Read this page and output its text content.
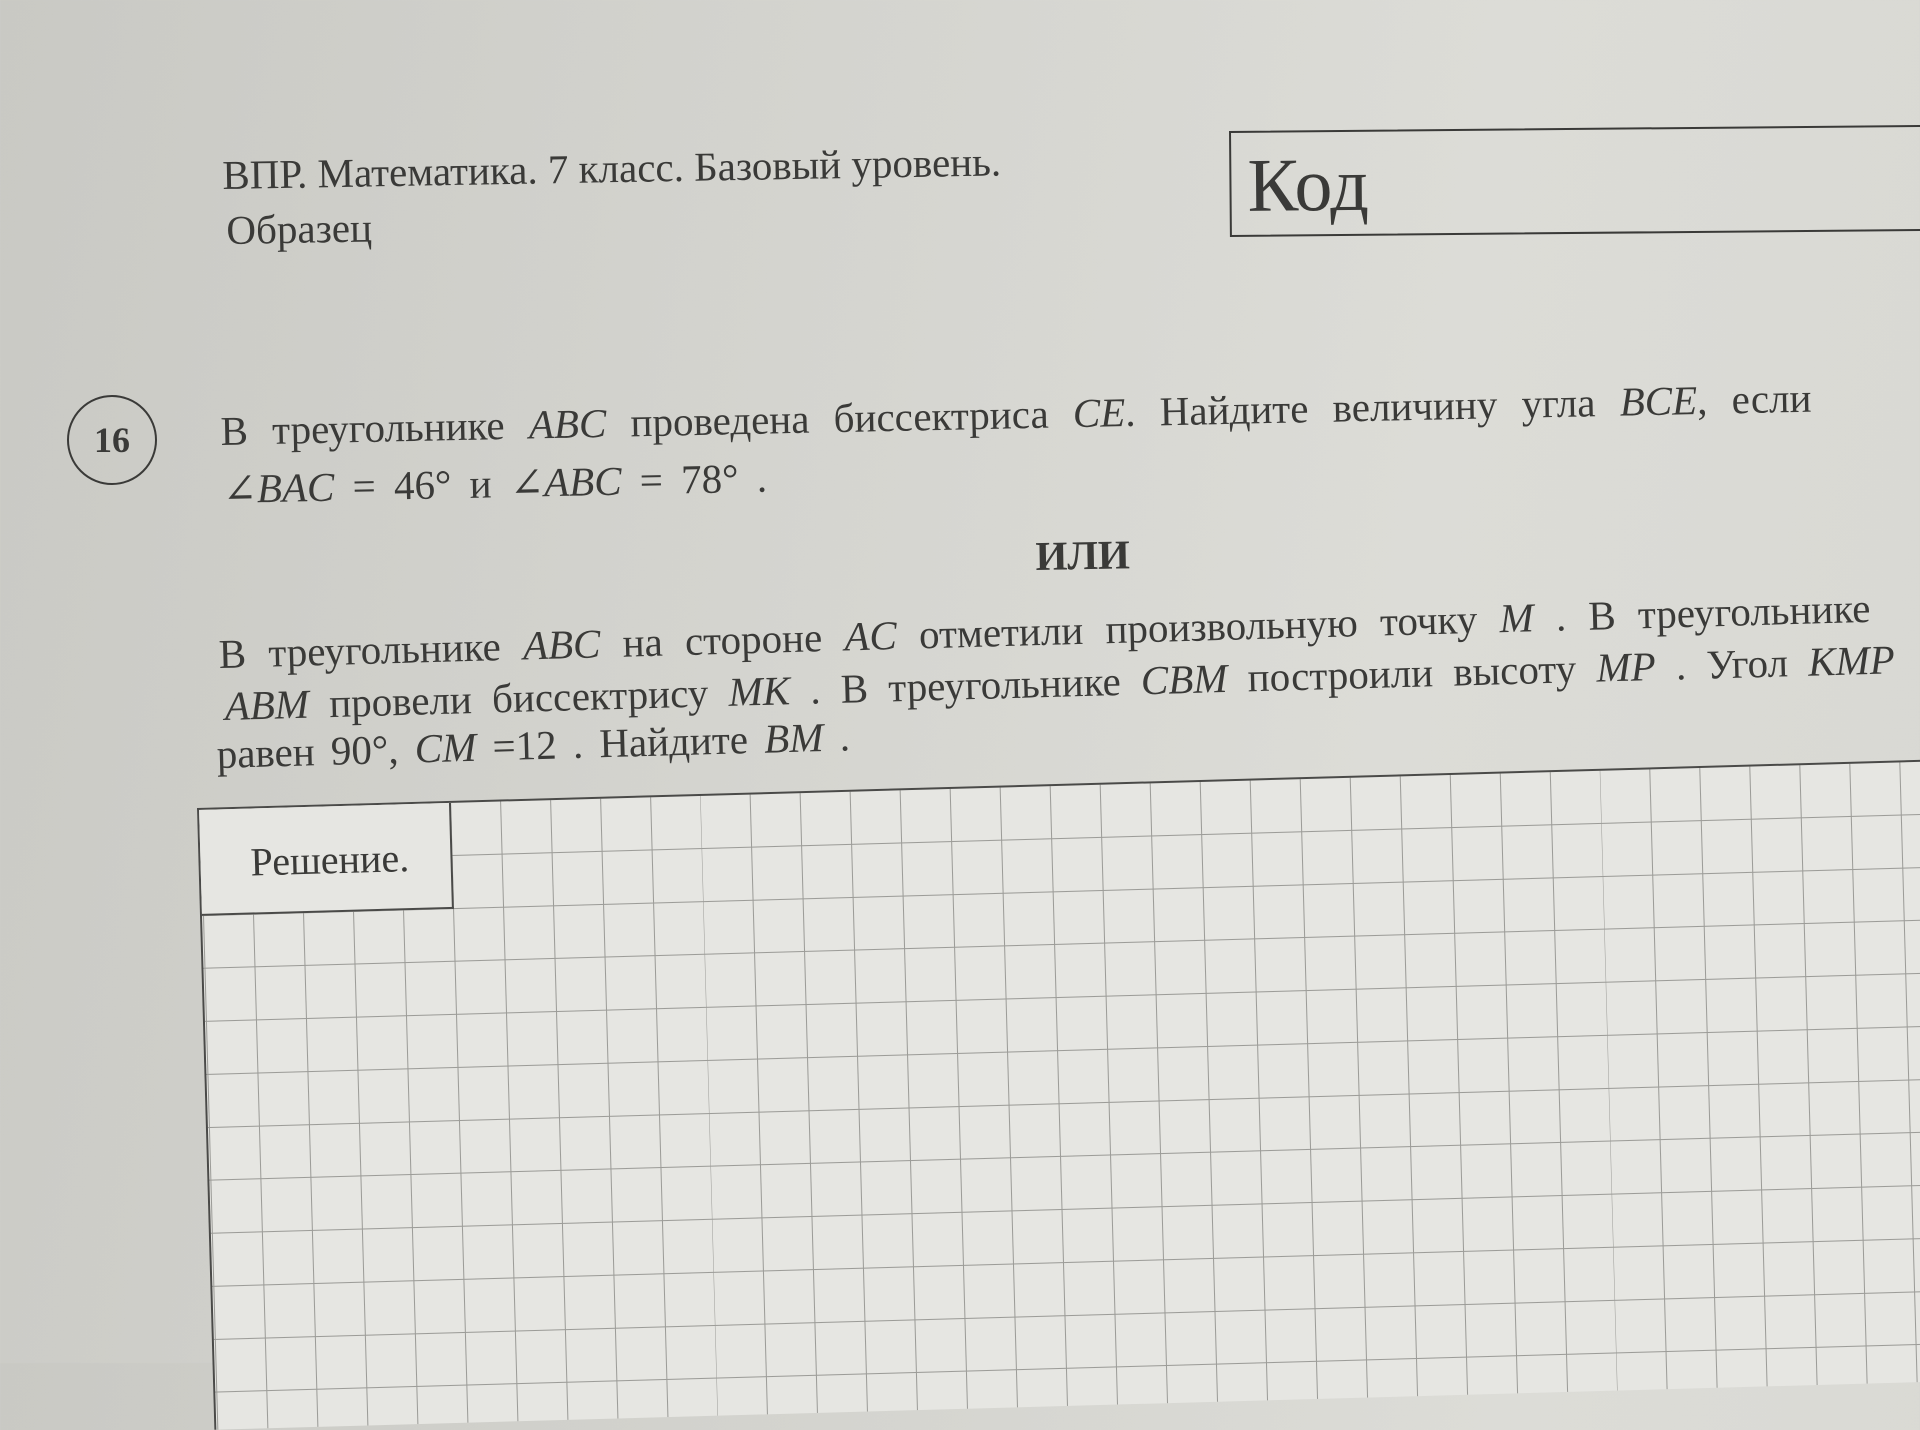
ВПР. Математика. 7 класс. Базовый уровень.
Образец
Код
16	В треугольнике ABC проведена биссектриса CE. Найдите величину угла BCE, если
∠BAC = 46° и ∠ABC = 78° .
ИЛИ
В треугольнике ABC на стороне AC отметили произвольную точку M . В треугольнике
ABM провели биссектрису MK . В треугольнике CBM построили высоту MP . Угол KMP
равен 90°, CM =12 . Найдите BM .
Решение.
